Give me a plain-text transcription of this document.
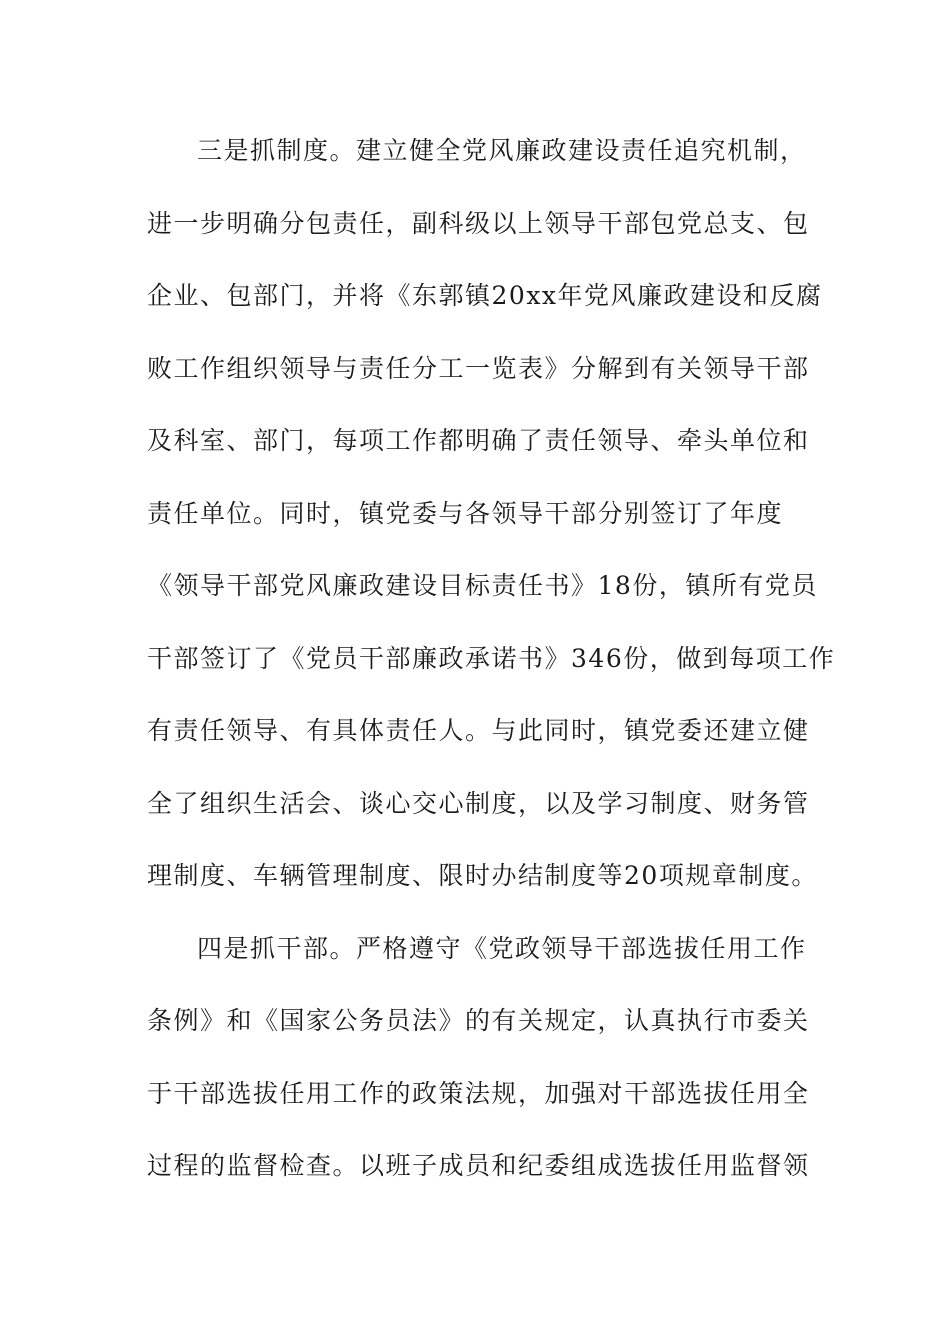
三是抓制度。建立健全党风廉政建设责任追究机制，
进一步明确分包责任，副科级以上领导干部包党总支、包
企业、包部门，并将《东郭镇20xx年党风廉政建设和反腐
败工作组织领导与责任分工一览表》分解到有关领导干部
及科室、部门，每项工作都明确了责任领导、牵头单位和
责任单位。同时，镇党委与各领导干部分别签订了年度
《领导干部党风廉政建设目标责任书》18份，镇所有党员
干部签订了《党员干部廉政承诺书》346份，做到每项工作
有责任领导、有具体责任人。与此同时，镇党委还建立健
全了组织生活会、谈心交心制度，以及学习制度、财务管
理制度、车辆管理制度、限时办结制度等20项规章制度。
四是抓干部。严格遵守《党政领导干部选拔任用工作
条例》和《国家公务员法》的有关规定，认真执行市委关
于干部选拔任用工作的政策法规，加强对干部选拔任用全
过程的监督检查。以班子成员和纪委组成选拔任用监督领
